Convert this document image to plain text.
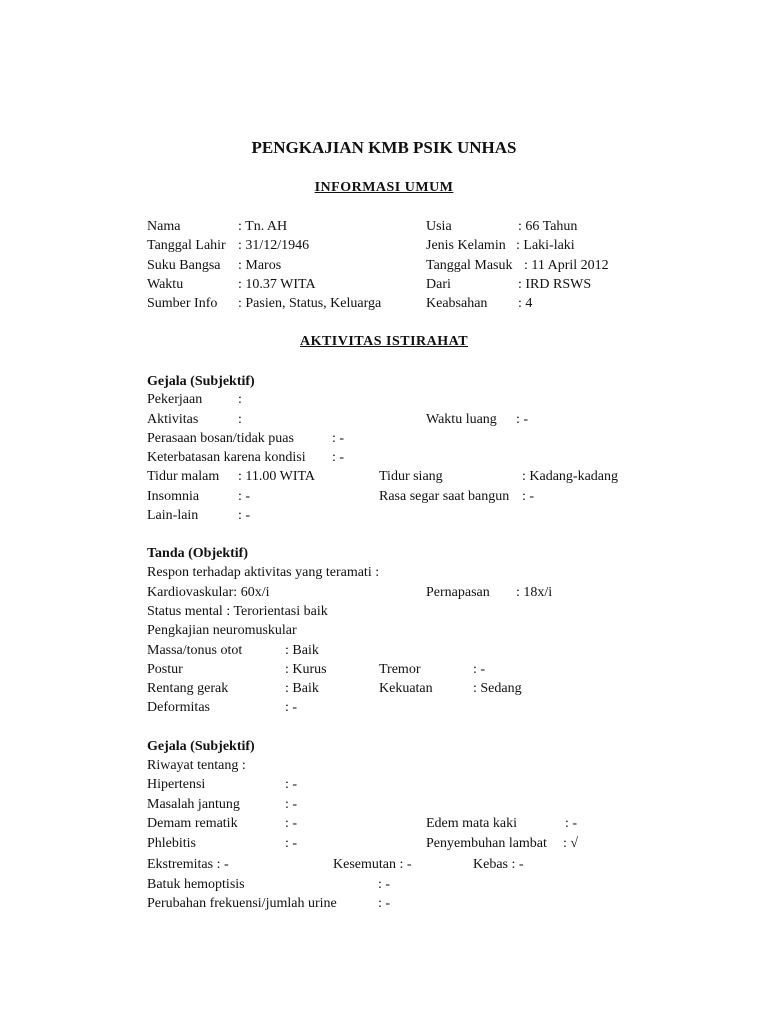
PENGKAJIAN KMB PSIK UNHAS
INFORMASI UMUM
Nama	: Tn. AH	Usia	: 66 Tahun
Tanggal Lahir : 31/12/1946	Jenis Kelamin : Laki-laki
Suku Bangsa : Maros	Tanggal Masuk : 11 April 2012
Waktu	: 10.37 WITA	Dari	: IRD RSWS
Sumber Info : Pasien, Status, Keluarga	Keabsahan : 4
AKTIVITAS ISTIRAHAT
Gejala (Subjektif)
Pekerjaan	:
Aktivitas	:	Waktu luang : -
Perasaan bosan/tidak puas	: -
Keterbatasan karena kondisi : -
Tidur malam : 11.00 WITA	Tidur siang	: Kadang-kadang
Insomnia	: -	Rasa segar saat bangun : -
Lain-lain	: -
Tanda (Objektif)
Respon terhadap aktivitas yang teramati :
Kardiovaskular: 60x/i	Pernapasan : 18x/i
Status mental : Terorientasi baik
Pengkajian neuromuskular
Massa/tonus otot	: Baik
Postur	: Kurus	Tremor	: -
Rentang gerak	: Baik	Kekuatan	: Sedang
Deformitas	: -
Gejala (Subjektif)
Riwayat tentang :
Hipertensi	: -
Masalah jantung	: -
Demam rematik	: -	Edem mata kaki	: -
Phlebitis	: -	Penyembuhan lambat : √
Ekstremitas : -	Kesemutan : -	Kebas : -
Batuk hemoptisis	: -
Perubahan frekuensi/jumlah urine	: -
